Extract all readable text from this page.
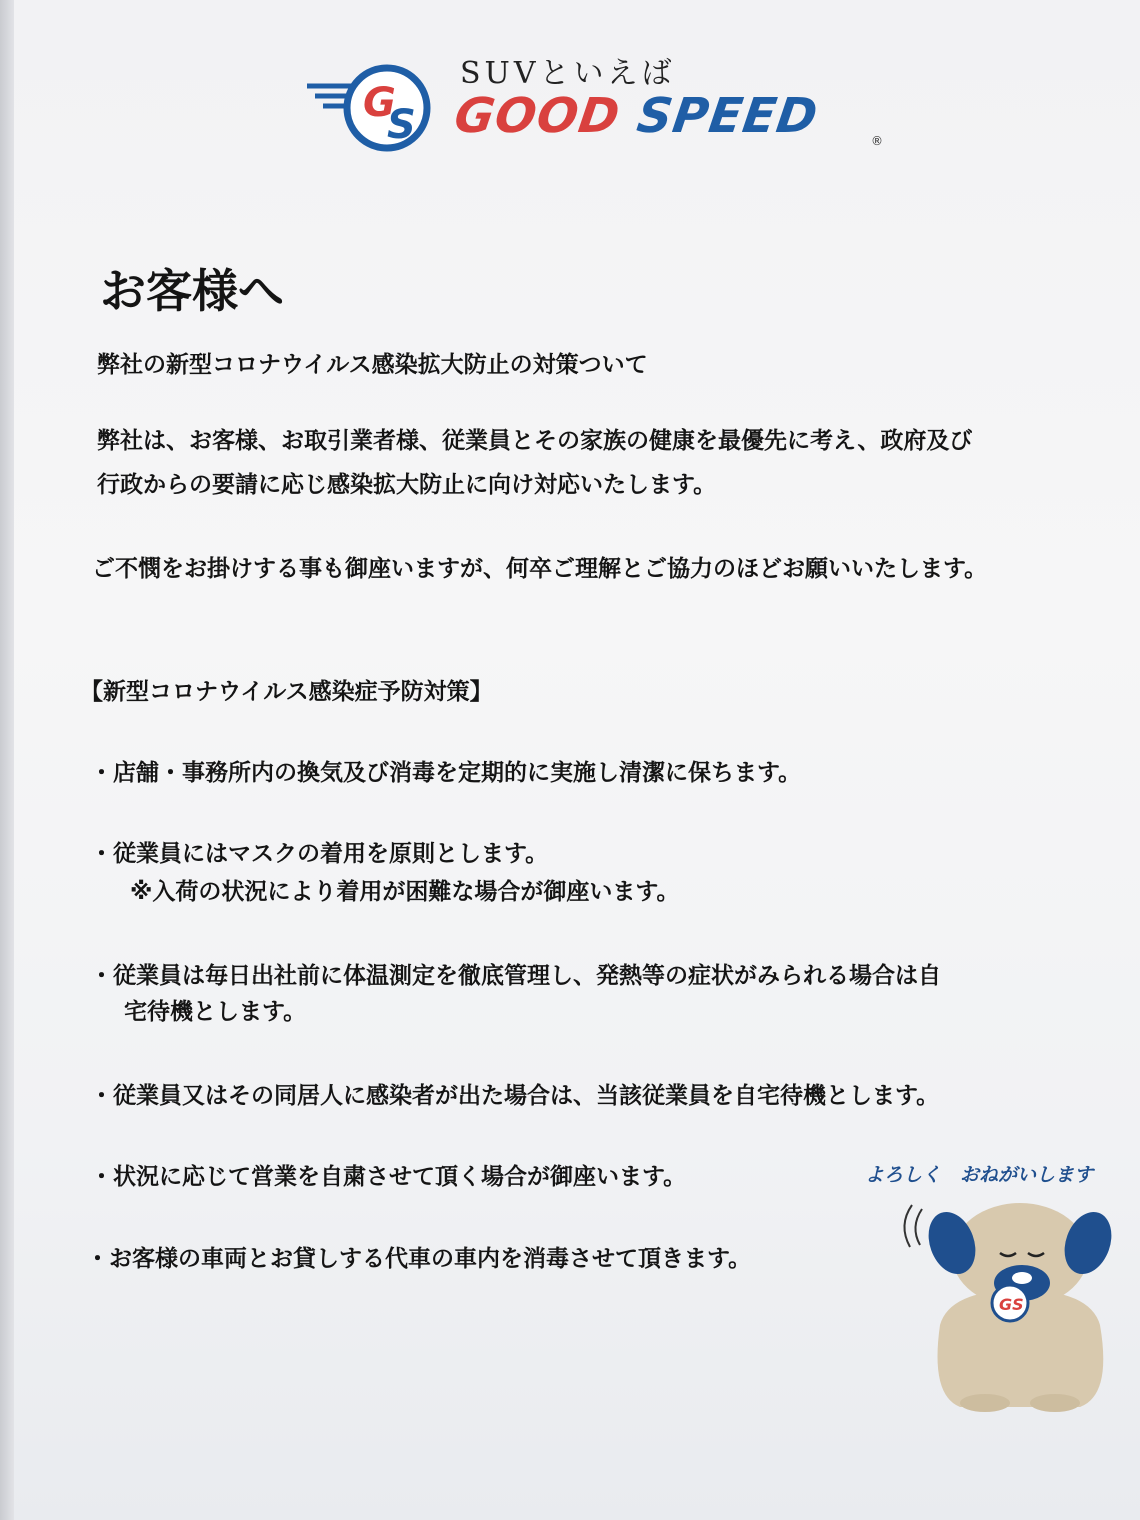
G
S
SUVといえば
GOOD SPEED	®
お客様へ

弊社の新型コロナウイルス感染拡大防止の対策ついて

弊社は、お客様、お取引業者様、従業員とその家族の健康を最優先に考え、政府及び

行政からの要請に応じ感染拡大防止に向け対応いたします。

ご不憫をお掛けする事も御座いますが、何卒ご理解とご協力のほどお願いいたします。

【新型コロナウイルス感染症予防対策】

・店舗・事務所内の換気及び消毒を定期的に実施し清潔に保ちます。

・従業員にはマスクの着用を原則とします。

※入荷の状況により着用が困難な場合が御座います。

・従業員は毎日出社前に体温測定を徹底管理し、発熱等の症状がみられる場合は自

宅待機とします。

・従業員又はその同居人に感染者が出た場合は、当該従業員を自宅待機とします。

・状況に応じて営業を自粛させて頂く場合が御座います。

・お客様の車両とお貸しする代車の車内を消毒させて頂きます。

よろしく　おねがいします
GS
